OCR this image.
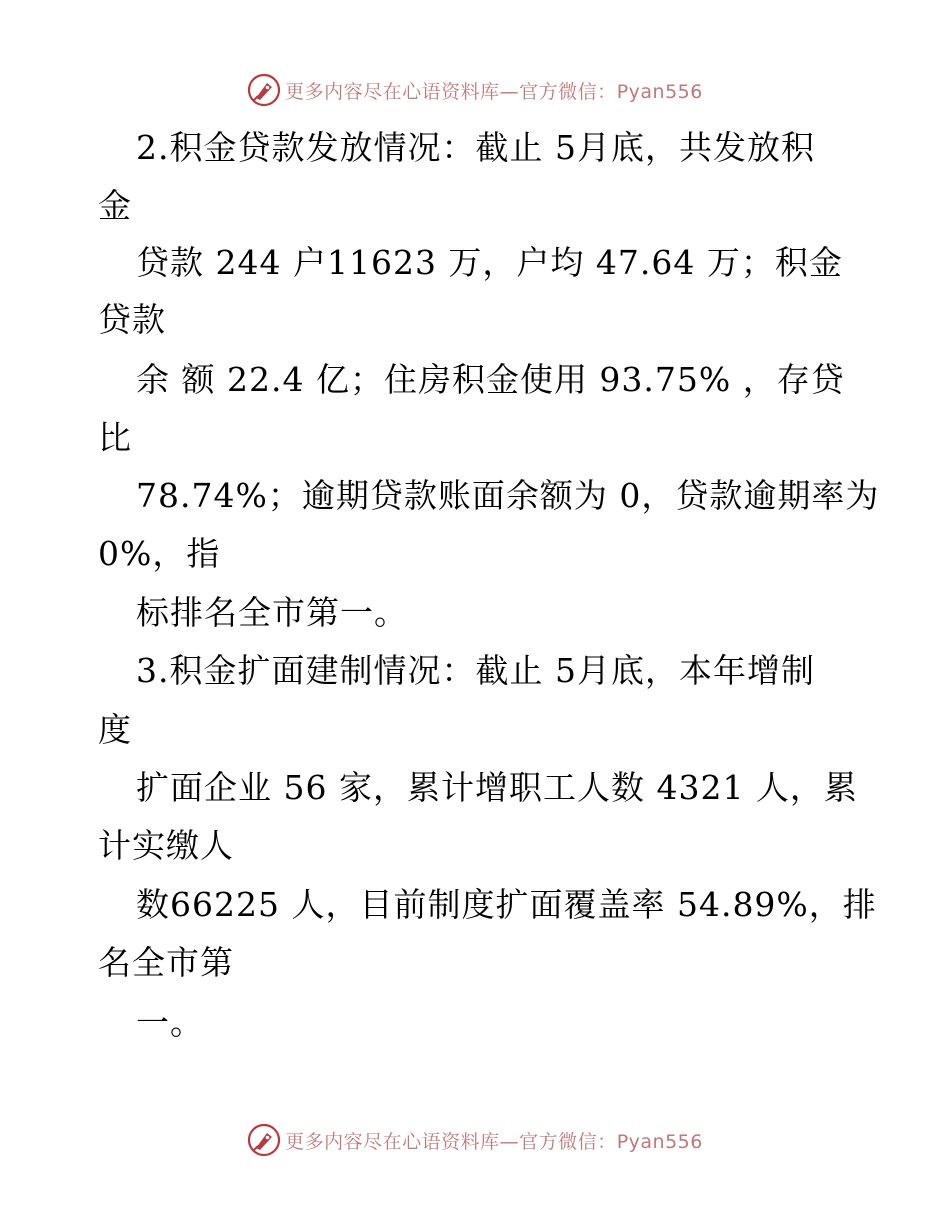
更多内容尽在心语资料库—官方微信：Pyan556
2.积金贷款发放情况：截止 5月底，共发放积
金
贷款 244 户11623 万，户均 47.64 万；积金
贷款
余 额 22.4 亿；住房积金使用 93.75% ，存贷
比
78.74%；逾期贷款账面余额为 0，贷款逾期率为
0%，指
标排名全市第一。
3.积金扩面建制情况：截止 5月底，本年增制
度
扩面企业 56 家，累计增职工人数 4321 人，累
计实缴人
数66225 人，目前制度扩面覆盖率 54.89%，排
名全市第
一。
更多内容尽在心语资料库—官方微信：Pyan556
